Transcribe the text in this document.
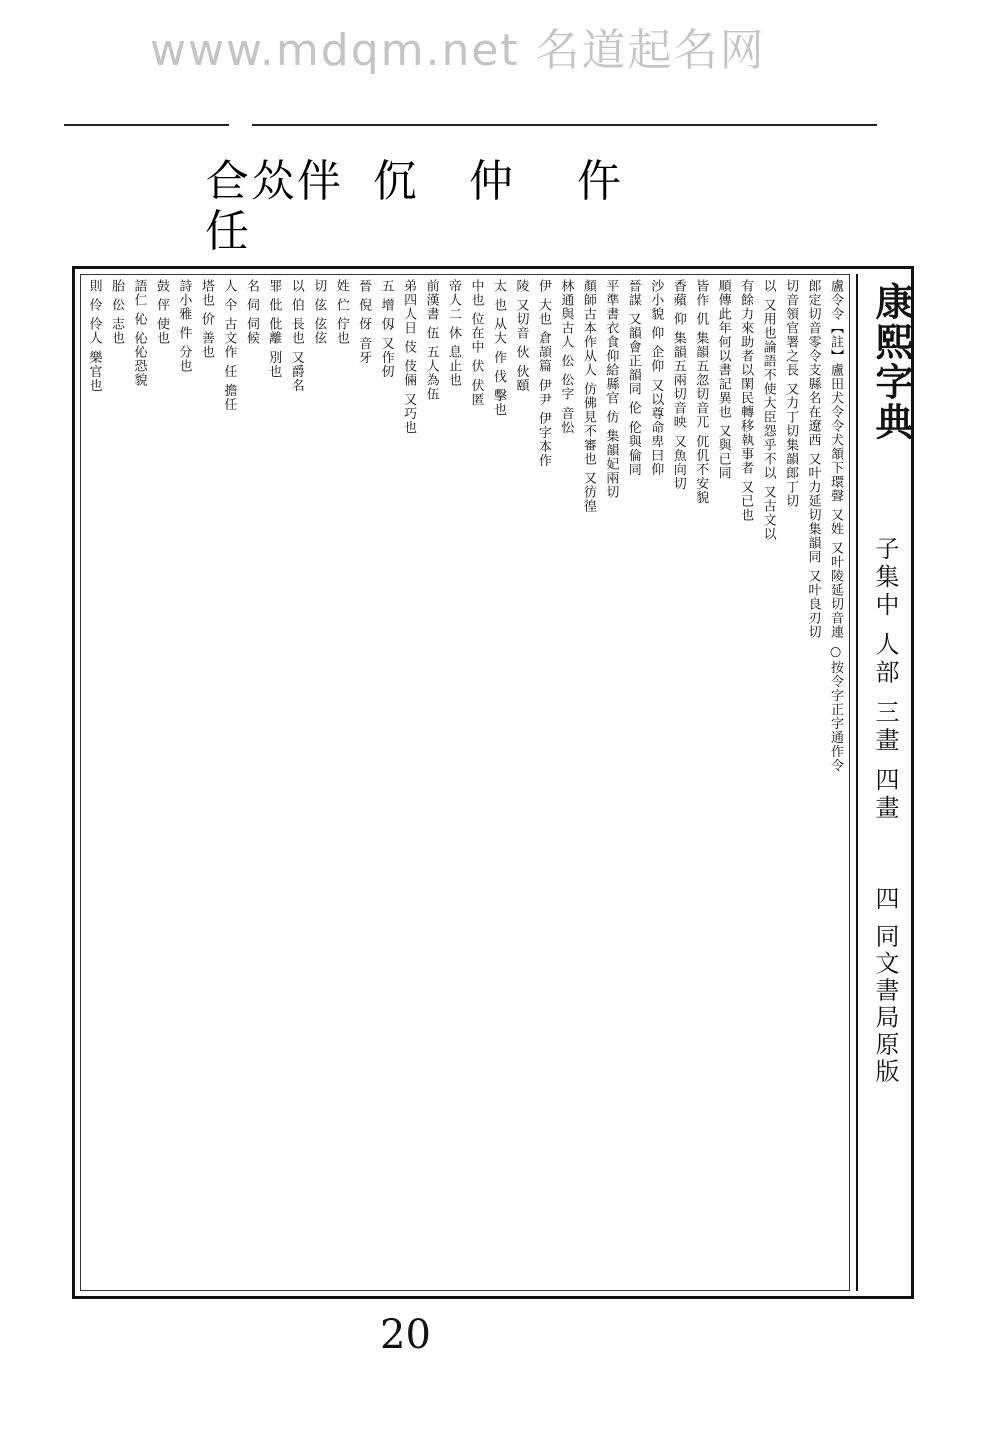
www.mdqm.net 名道起名网
仺 𠈌 伴 伔 仲 仵
任
康熙字典
子集中 人部 三畫 四畫
四 同文書局原版
盧令令【註】盧田犬令令犬頷下環聲 又姓 又叶陵延切音連 ○按令字正字通作令
郎定切音零令支縣名在遼西 又叶力延切集韻同 又叶良刃切
切音領官署之長 又力丁切集韻郎丁切
以 又用也論語不使大臣怨乎不以 又古文以
有餘力來助者以閑民轉移執事者 又已也
順傳此年何以書記異也 又與已同
皆作 仉 集韻五忽切音兀 㐳仉不安貌
香蘋 仰 集韻五兩切音映 又魚向切
沙小貌 仰 企仰 又以尊命卑曰仰
晉謀 又韻會正韻同 伦 伦與倫同
平準書衣食仰給縣官 仿 集韻妃兩切
顏師古本作从人 仿佛見不審也 又彷徨
林通與古人 伀 伀字 音忪
伊 大也 倉頡篇 伊尹 伊字本作
陵 又切音 伙 伙頤
太 也 从大 作 伐 擊也
中也 位在中 伏 伏匿
帝人二 休 息止也
前漢書 伍 五人為伍
弟四人日 伎 伎倆 又巧也
五 增 仭 又作仞
晉 倪 伢 音牙
姓 伫 佇也
切 伭 伭伭
以 伯 長也 又爵名
罪 仳 仳離 別也
名 伺 伺候
人 仐 古文作 任 擔任
塔也 价 善也
詩小雅 件 分也
鼓 伻 使也
語仁 伈 伈伈恐貌
胎 伀 志也
則 伶 伶人 樂官也
20
